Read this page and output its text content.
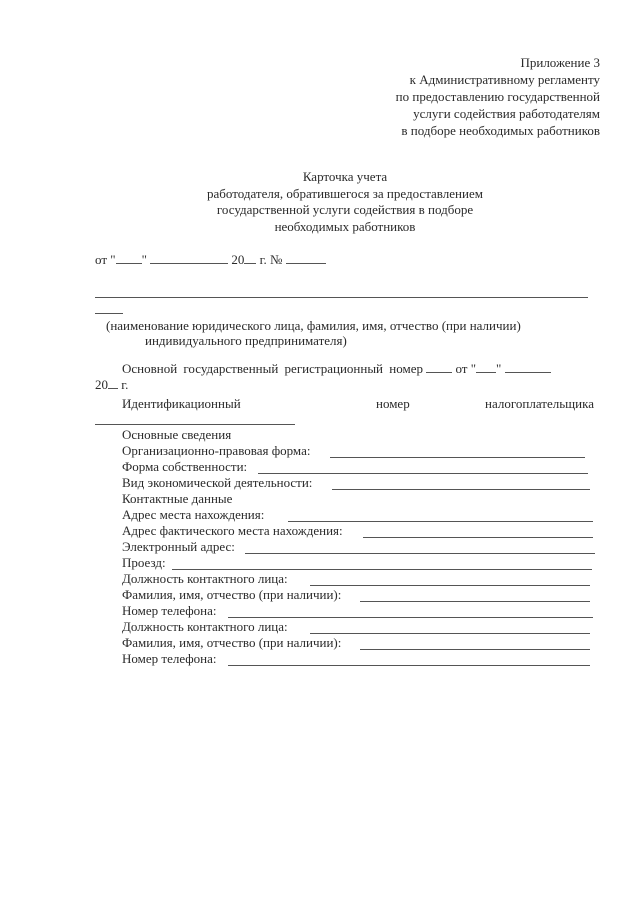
Приложение 3
к Административному регламенту
по предоставлению государственной
услуги содействия работодателям
в подборе необходимых работников
Карточка учета
работодателя, обратившегося за предоставлением
государственной услуги содействия в подборе
необходимых работников
от " "	20 г. №
(наименование юридического лица, фамилия, имя, отчество (при наличии)
индивидуального предпринимателя)
Основной государственный регистрационный номер	от " "
20 г.
Идентификационный	номер	налогоплательщика
Основные сведения
Организационно-правовая форма:
Форма собственности:
Вид экономической деятельности:
Контактные данные
Адрес места нахождения:
Адрес фактического места нахождения:
Электронный адрес:
Проезд:
Должность контактного лица:
Фамилия, имя, отчество (при наличии):
Номер телефона:
Должность контактного лица:
Фамилия, имя, отчество (при наличии):
Номер телефона:
